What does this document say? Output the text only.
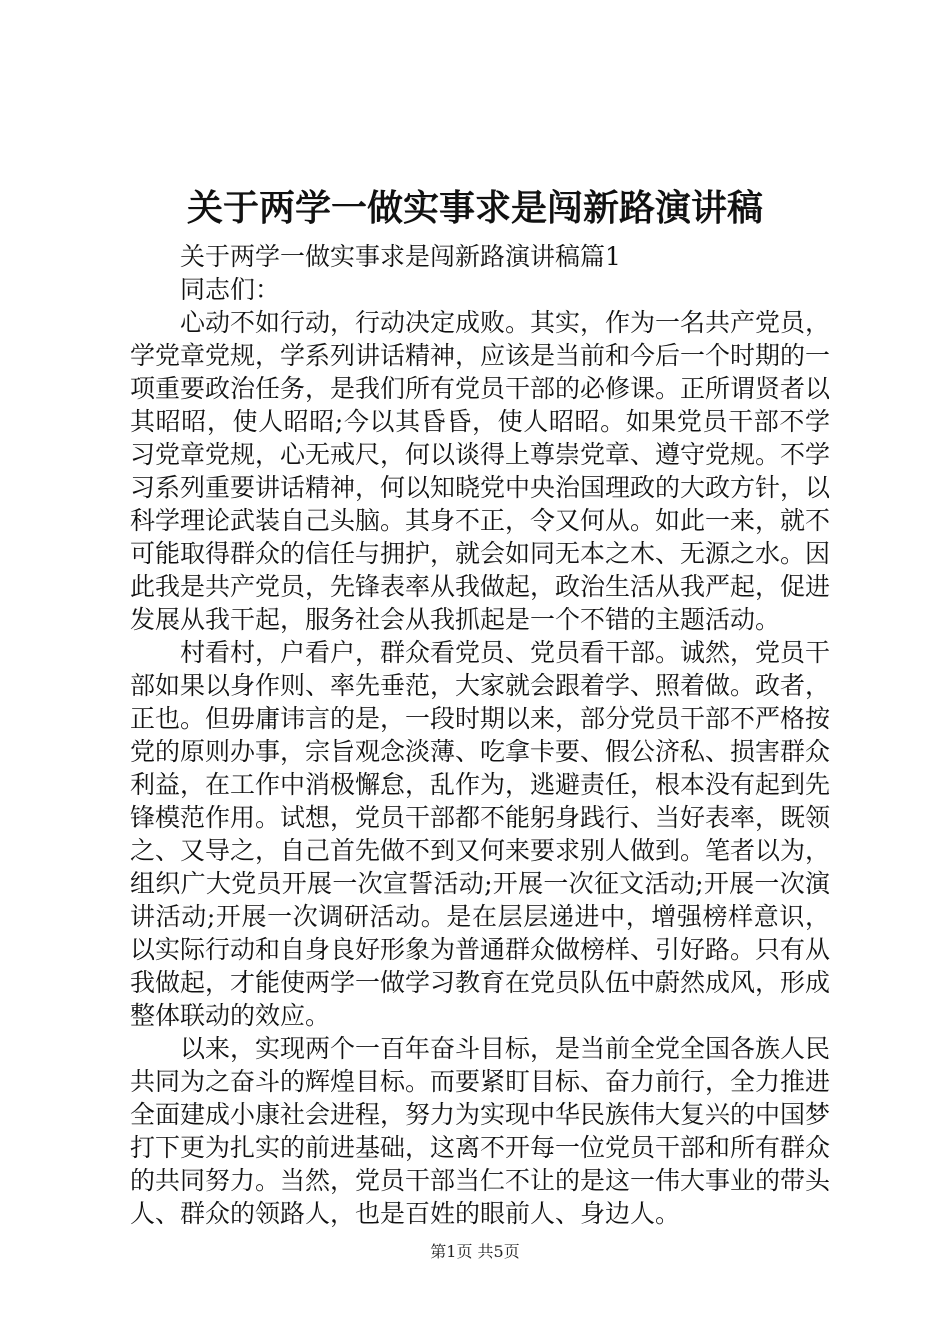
关于两学一做实事求是闯新路演讲稿

关于两学一做实事求是闯新路演讲稿篇1

同志们：

心动不如行动，行动决定成败。其实，作为一名共产党员，学党章党规，学系列讲话精神，应该是当前和今后一个时期的一项重要政治任务，是我们所有党员干部的必修课。正所谓贤者以其昭昭，使人昭昭;今以其昏昏，使人昭昭。如果党员干部不学习党章党规，心无戒尺，何以谈得上尊崇党章、遵守党规。不学习系列重要讲话精神，何以知晓党中央治国理政的大政方针，以科学理论武装自己头脑。其身不正，令又何从。如此一来，就不可能取得群众的信任与拥护，就会如同无本之木、无源之水。因此我是共产党员，先锋表率从我做起，政治生活从我严起，促进发展从我干起，服务社会从我抓起是一个不错的主题活动。

村看村，户看户，群众看党员、党员看干部。诚然，党员干部如果以身作则、率先垂范，大家就会跟着学、照着做。政者，正也。但毋庸讳言的是，一段时期以来，部分党员干部不严格按党的原则办事，宗旨观念淡薄、吃拿卡要、假公济私、损害群众利益，在工作中消极懈怠，乱作为，逃避责任，根本没有起到先锋模范作用。试想，党员干部都不能躬身践行、当好表率，既领之、又导之，自己首先做不到又何来要求别人做到。笔者以为，组织广大党员开展一次宣誓活动;开展一次征文活动;开展一次演讲活动;开展一次调研活动。是在层层递进中，增强榜样意识，以实际行动和自身良好形象为普通群众做榜样、引好路。只有从我做起，才能使两学一做学习教育在党员队伍中蔚然成风，形成整体联动的效应。

以来，实现两个一百年奋斗目标，是当前全党全国各族人民共同为之奋斗的辉煌目标。而要紧盯目标、奋力前行，全力推进全面建成小康社会进程，努力为实现中华民族伟大复兴的中国梦打下更为扎实的前进基础，这离不开每一位党员干部和所有群众的共同努力。当然，党员干部当仁不让的是这一伟大事业的带头人、群众的领路人，也是百姓的眼前人、身边人。

第1页 共5页
